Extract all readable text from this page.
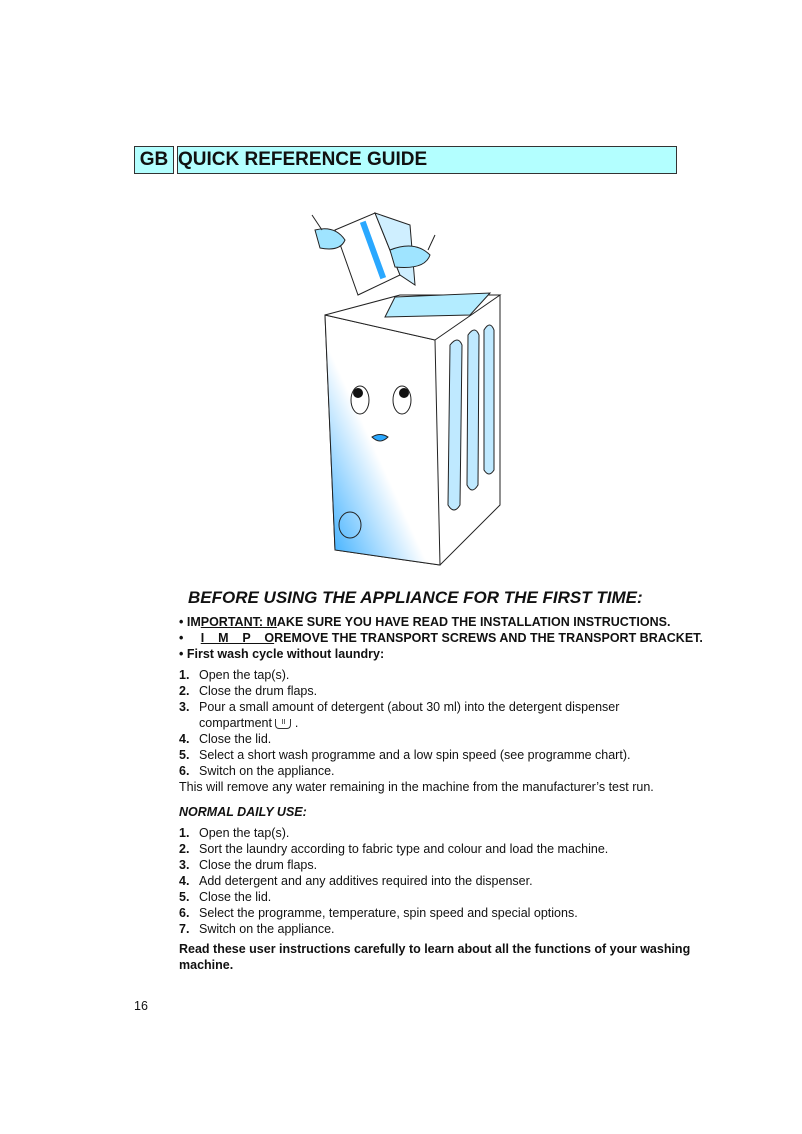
GB QUICK REFERENCE GUIDE
BEFORE USING THE APPLIANCE FOR THE FIRST TIME:
• IMPORTANT: MAKE SURE YOU HAVE READ THE INSTALLATION INSTRUCTIONS.
•     I    M    P    OREMOVE THE TRANSPORT SCREWS AND THE TRANSPORT BRACKET.
• First wash cycle without laundry:
1. Open the tap(s).
2. Close the drum flaps.
3. Pour a small amount of detergent (about 30 ml) into the detergent dispenser
compartment II .
4. Close the lid.
5. Select a short wash programme and a low spin speed (see programme chart).
6. Switch on the appliance.
This will remove any water remaining in the machine from the manufacturer’s test run.
NORMAL DAILY USE:
1. Open the tap(s).
2. Sort the laundry according to fabric type and colour and load the machine.
3. Close the drum flaps.
4. Add detergent and any additives required into the dispenser.
5. Close the lid.
6. Select the programme, temperature, spin speed and special options.
7. Switch on the appliance.
Read these user instructions carefully to learn about all the functions of your washing
machine.
16
